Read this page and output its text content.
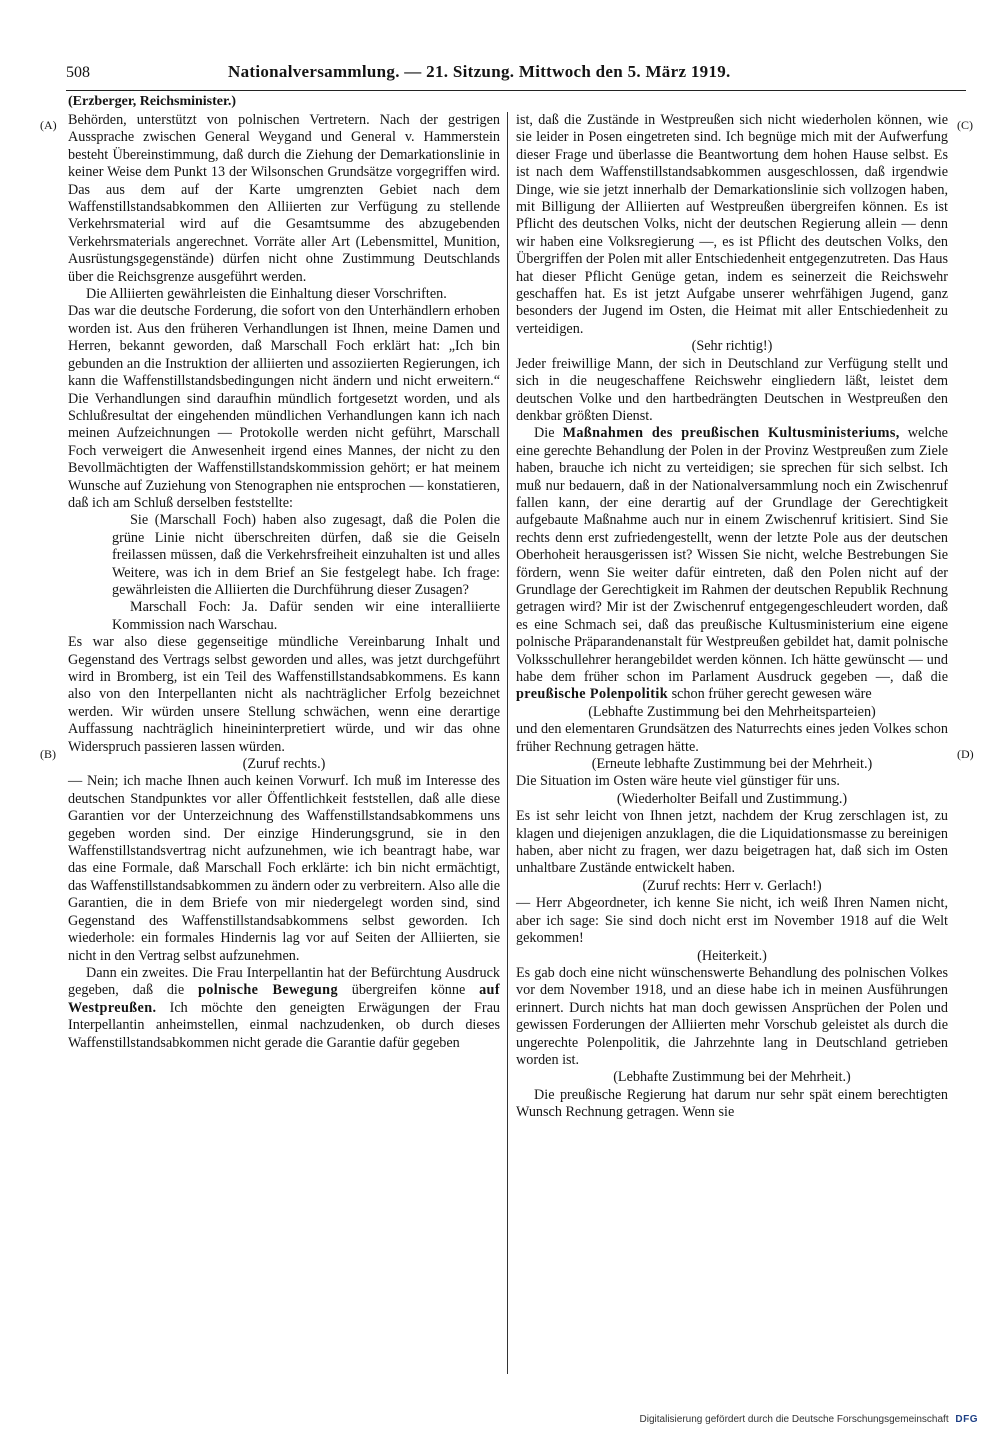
508	Nationalversammlung. — 21. Sitzung. Mittwoch den 5. März 1919.
(Erzberger, Reichsminister.)
(A)
(B)
(C)
(D)

Behörden, unterstützt von polnischen Vertretern. Nach der gestrigen Aussprache zwischen General Weygand und General v. Hammerstein besteht Übereinstimmung, daß durch die Ziehung der Demarkationslinie in keiner Weise dem Punkt 13 der Wilsonschen Grundsätze vorgegriffen wird. Das aus dem auf der Karte umgrenzten Gebiet nach dem Waffenstillstandsabkommen den Alliierten zur Verfügung zu stellende Verkehrsmaterial wird auf die Gesamtsumme des abzugebenden Verkehrsmaterials angerechnet. Vorräte aller Art (Lebensmittel, Munition, Ausrüstungsgegenstände) dürfen nicht ohne Zustimmung Deutschlands über die Reichsgrenze ausgeführt werden.

Die Alliierten gewährleisten die Einhaltung dieser Vorschriften.

Das war die deutsche Forderung, die sofort von den Unterhändlern erhoben worden ist. Aus den früheren Verhandlungen ist Ihnen, meine Damen und Herren, bekannt geworden, daß Marschall Foch erklärt hat: „Ich bin gebunden an die Instruktion der alliierten und assoziierten Regierungen, ich kann die Waffenstillstandsbedingungen nicht ändern und nicht erweitern.“ Die Verhandlungen sind daraufhin mündlich fortgesetzt worden, und als Schlußresultat der eingehenden mündlichen Verhandlungen kann ich nach meinen Aufzeichnungen — Protokolle werden nicht geführt, Marschall Foch verweigert die Anwesenheit irgend eines Mannes, der nicht zu den Bevollmächtigten der Waffenstillstandskommission gehört; er hat meinem Wunsche auf Zuziehung von Stenographen nie entsprochen — konstatieren, daß ich am Schluß derselben feststellte:

Sie (Marschall Foch) haben also zugesagt, daß die Polen die grüne Linie nicht überschreiten dürfen, daß sie die Geiseln freilassen müssen, daß die Verkehrsfreiheit einzuhalten ist und alles Weitere, was ich in dem Brief an Sie festgelegt habe. Ich frage: gewährleisten die Alliierten die Durchführung dieser Zusagen?

Marschall Foch: Ja. Dafür senden wir eine interalliierte Kommission nach Warschau.

Es war also diese gegenseitige mündliche Vereinbarung Inhalt und Gegenstand des Vertrags selbst geworden und alles, was jetzt durchgeführt wird in Bromberg, ist ein Teil des Waffenstillstandsabkommens. Es kann also von den Interpellanten nicht als nachträglicher Erfolg bezeichnet werden. Wir würden unsere Stellung schwächen, wenn eine derartige Auffassung nachträglich hineininterpretiert würde, und wir das ohne Widerspruch passieren lassen würden.

(Zuruf rechts.)

— Nein; ich mache Ihnen auch keinen Vorwurf. Ich muß im Interesse des deutschen Standpunktes vor aller Öffentlichkeit feststellen, daß alle diese Garantien vor der Unterzeichnung des Waffenstillstandsabkommens uns gegeben worden sind. Der einzige Hinderungsgrund, sie in den Waffenstillstandsvertrag nicht aufzunehmen, wie ich beantragt habe, war das eine Formale, daß Marschall Foch erklärte: ich bin nicht ermächtigt, das Waffenstillstandsabkommen zu ändern oder zu verbreitern. Also alle die Garantien, die in dem Briefe von mir niedergelegt worden sind, sind Gegenstand des Waffenstillstandsabkommens selbst geworden. Ich wiederhole: ein formales Hindernis lag vor auf Seiten der Alliierten, sie nicht in den Vertrag selbst aufzunehmen.

Dann ein zweites. Die Frau Interpellantin hat der Befürchtung Ausdruck gegeben, daß die polnische Bewegung übergreifen könne auf Westpreußen. Ich möchte den geneigten Erwägungen der Frau Interpellantin anheimstellen, einmal nachzudenken, ob durch dieses Waffenstillstandsabkommen nicht gerade die Garantie dafür gegeben

ist, daß die Zustände in Westpreußen sich nicht wiederholen können, wie sie leider in Posen eingetreten sind. Ich begnüge mich mit der Aufwerfung dieser Frage und überlasse die Beantwortung dem hohen Hause selbst. Es ist nach dem Waffenstillstandsabkommen ausgeschlossen, daß irgendwie Dinge, wie sie jetzt innerhalb der Demarkationslinie sich vollzogen haben, mit Billigung der Alliierten auf Westpreußen übergreifen können. Es ist Pflicht des deutschen Volks, nicht der deutschen Regierung allein — denn wir haben eine Volksregierung —, es ist Pflicht des deutschen Volks, den Übergriffen der Polen mit aller Entschiedenheit entgegenzutreten. Das Haus hat dieser Pflicht Genüge getan, indem es seinerzeit die Reichswehr geschaffen hat. Es ist jetzt Aufgabe unserer wehrfähigen Jugend, ganz besonders der Jugend im Osten, die Heimat mit aller Entschiedenheit zu verteidigen.

(Sehr richtig!)

Jeder freiwillige Mann, der sich in Deutschland zur Verfügung stellt und sich in die neugeschaffene Reichswehr eingliedern läßt, leistet dem deutschen Volke und den hartbedrängten Deutschen in Westpreußen den denkbar größten Dienst.

Die Maßnahmen des preußischen Kultusministeriums, welche eine gerechte Behandlung der Polen in der Provinz Westpreußen zum Ziele haben, brauche ich nicht zu verteidigen; sie sprechen für sich selbst. Ich muß nur bedauern, daß in der Nationalversammlung noch ein Zwischenruf fallen kann, der eine derartig auf der Grundlage der Gerechtigkeit aufgebaute Maßnahme auch nur in einem Zwischenruf kritisiert. Sind Sie rechts denn erst zufriedengestellt, wenn der letzte Pole aus der deutschen Oberhoheit herausgerissen ist? Wissen Sie nicht, welche Bestrebungen Sie fördern, wenn Sie weiter dafür eintreten, daß den Polen nicht auf der Grundlage der Gerechtigkeit im Rahmen der deutschen Republik Rechnung getragen wird? Mir ist der Zwischenruf entgegengeschleudert worden, daß es eine Schmach sei, daß das preußische Kultusministerium eine eigene polnische Präparandenanstalt für Westpreußen gebildet hat, damit polnische Volksschullehrer herangebildet werden können. Ich hätte gewünscht — und habe dem früher schon im Parlament Ausdruck gegeben —, daß die preußische Polenpolitik schon früher gerecht gewesen wäre

(Lebhafte Zustimmung bei den Mehrheitsparteien)

und den elementaren Grundsätzen des Naturrechts eines jeden Volkes schon früher Rechnung getragen hätte.

(Erneute lebhafte Zustimmung bei der Mehrheit.)

Die Situation im Osten wäre heute viel günstiger für uns.

(Wiederholter Beifall und Zustimmung.)

Es ist sehr leicht von Ihnen jetzt, nachdem der Krug zerschlagen ist, zu klagen und diejenigen anzuklagen, die die Liquidationsmasse zu bereinigen haben, aber nicht zu fragen, wer dazu beigetragen hat, daß sich im Osten unhaltbare Zustände entwickelt haben.

(Zuruf rechts: Herr v. Gerlach!)

— Herr Abgeordneter, ich kenne Sie nicht, ich weiß Ihren Namen nicht, aber ich sage: Sie sind doch nicht erst im November 1918 auf die Welt gekommen!

(Heiterkeit.)

Es gab doch eine nicht wünschenswerte Behandlung des polnischen Volkes vor dem November 1918, und an diese habe ich in meinen Ausführungen erinnert. Durch nichts hat man doch gewissen Ansprüchen der Polen und gewissen Forderungen der Alliierten mehr Vorschub geleistet als durch die ungerechte Polenpolitik, die Jahrzehnte lang in Deutschland getrieben worden ist.

(Lebhafte Zustimmung bei der Mehrheit.)

Die preußische Regierung hat darum nur sehr spät einem berechtigten Wunsch Rechnung getragen. Wenn sie

Digitalisierung gefördert durch die Deutsche Forschungsgemeinschaft DFG
